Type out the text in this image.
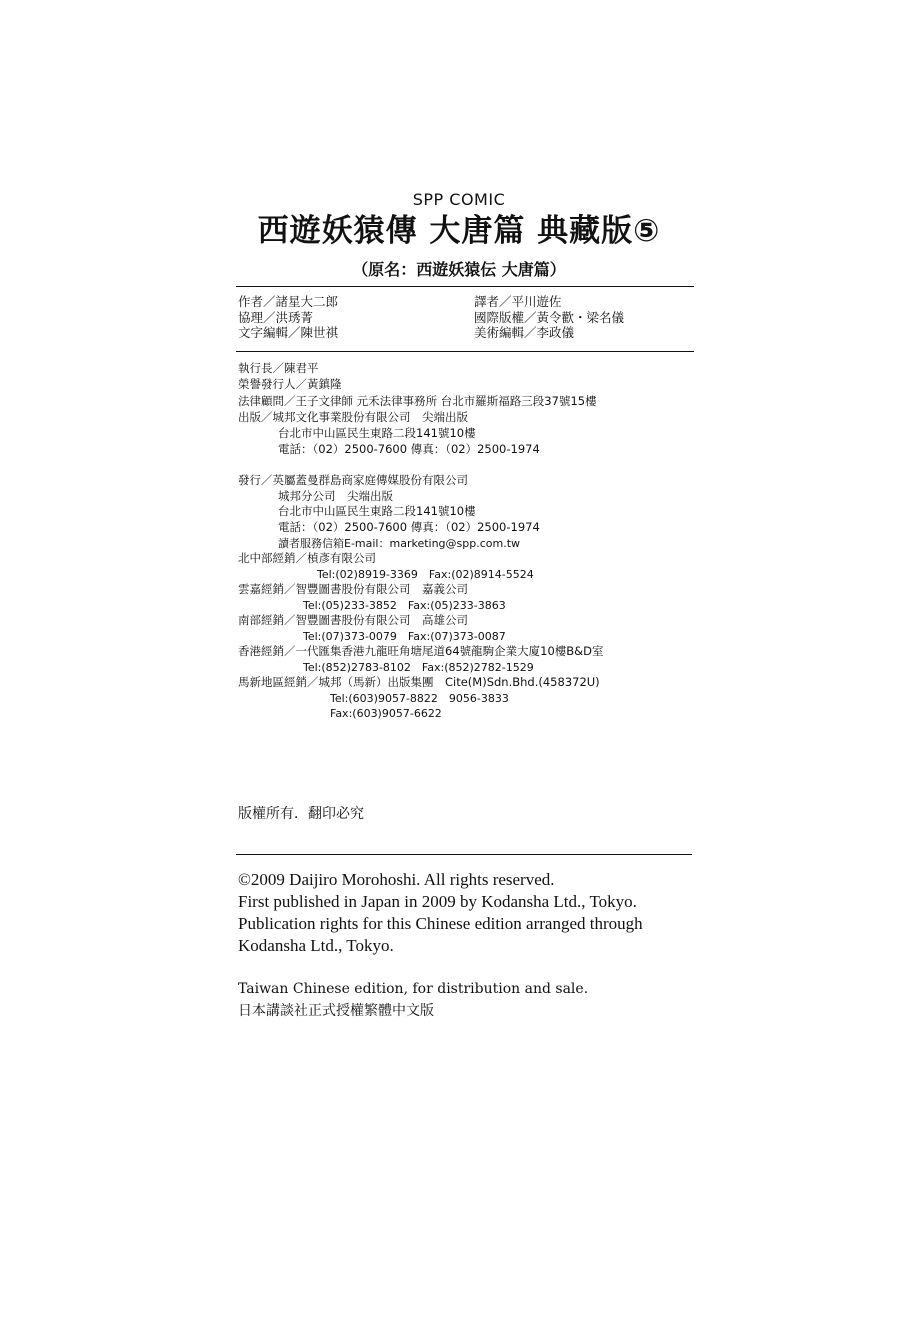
SPP COMIC
西遊妖猿傳 大唐篇 典藏版⑤
（原名：西遊妖猿伝 大唐篇）
作者／諸星大二郎
協理／洪琇菁
文字編輯／陳世祺
譯者／平川遊佐
國際版權／黃令歡・梁名儀
美術編輯／李政儀
執行長／陳君平
榮譽發行人／黃鎮隆
法律顧問／王子文律師 元禾法律事務所 台北市羅斯福路三段37號15樓
出版／城邦文化事業股份有限公司　尖端出版
台北市中山區民生東路二段141號10樓
電話：（02）2500-7600 傳真：（02）2500-1974
發行／英屬蓋曼群島商家庭傳媒股份有限公司
城邦分公司　尖端出版
台北市中山區民生東路二段141號10樓
電話：（02）2500-7600 傳真：（02）2500-1974
讀者服務信箱E-mail：marketing@spp.com.tw
北中部經銷／楨彥有限公司
Tel:(02)8919-3369　Fax:(02)8914-5524
雲嘉經銷／智豐圖書股份有限公司　嘉義公司
Tel:(05)233-3852　Fax:(05)233-3863
南部經銷／智豐圖書股份有限公司　高雄公司
Tel:(07)373-0079　Fax:(07)373-0087
香港經銷／一代匯集香港九龍旺角塘尾道64號龍駒企業大廈10樓B&D室
Tel:(852)2783-8102　Fax:(852)2782-1529
馬新地區經銷／城邦（馬新）出版集團　Cite(M)Sdn.Bhd.(458372U)
Tel:(603)9057-8822　9056-3833
Fax:(603)9057-6622
版權所有．翻印必究
©2009 Daijiro Morohoshi. All rights reserved.
First published in Japan in 2009 by Kodansha Ltd., Tokyo.
Publication rights for this Chinese edition arranged through
Kodansha Ltd., Tokyo.
Taiwan Chinese edition, for distribution and sale.
日本講談社正式授權繁體中文版
